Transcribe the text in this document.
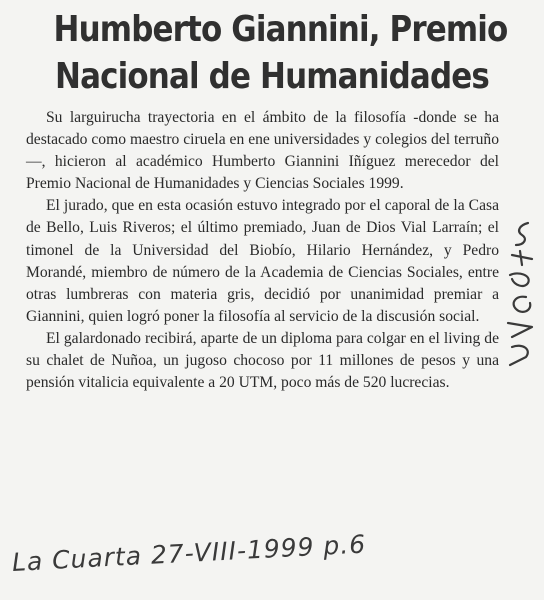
Humberto Giannini, Premio
Nacional de Humanidades

Su larguirucha trayectoria en el ámbito de la filosofía -donde se ha destacado como maestro ciruela en ene universidades y colegios del terruño—, hicieron al académico Humberto Giannini Iñíguez merecedor del Premio Nacional de Humanidades y Ciencias Sociales 1999.

El jurado, que en esta ocasión estuvo integrado por el caporal de la Casa de Bello, Luis Riveros; el último premiado, Juan de Dios Vial Larraín; el timonel de la Universidad del Biobío, Hilario Hernández, y Pedro Morandé, miembro de número de la Academia de Ciencias Sociales, entre otras lumbreras con materia gris, decidió por unanimidad premiar a Giannini, quien logró poner la filosofía al servicio de la discusión social.

El galardonado recibirá, aparte de un diploma para colgar en el living de su chalet de Nuñoa, un jugoso chocoso por 11 millones de pesos y una pensión vitalicia equivalente a 20 UTM, poco más de 520 lucrecias.

La Cuarta 27-VIII-1999 p.6
